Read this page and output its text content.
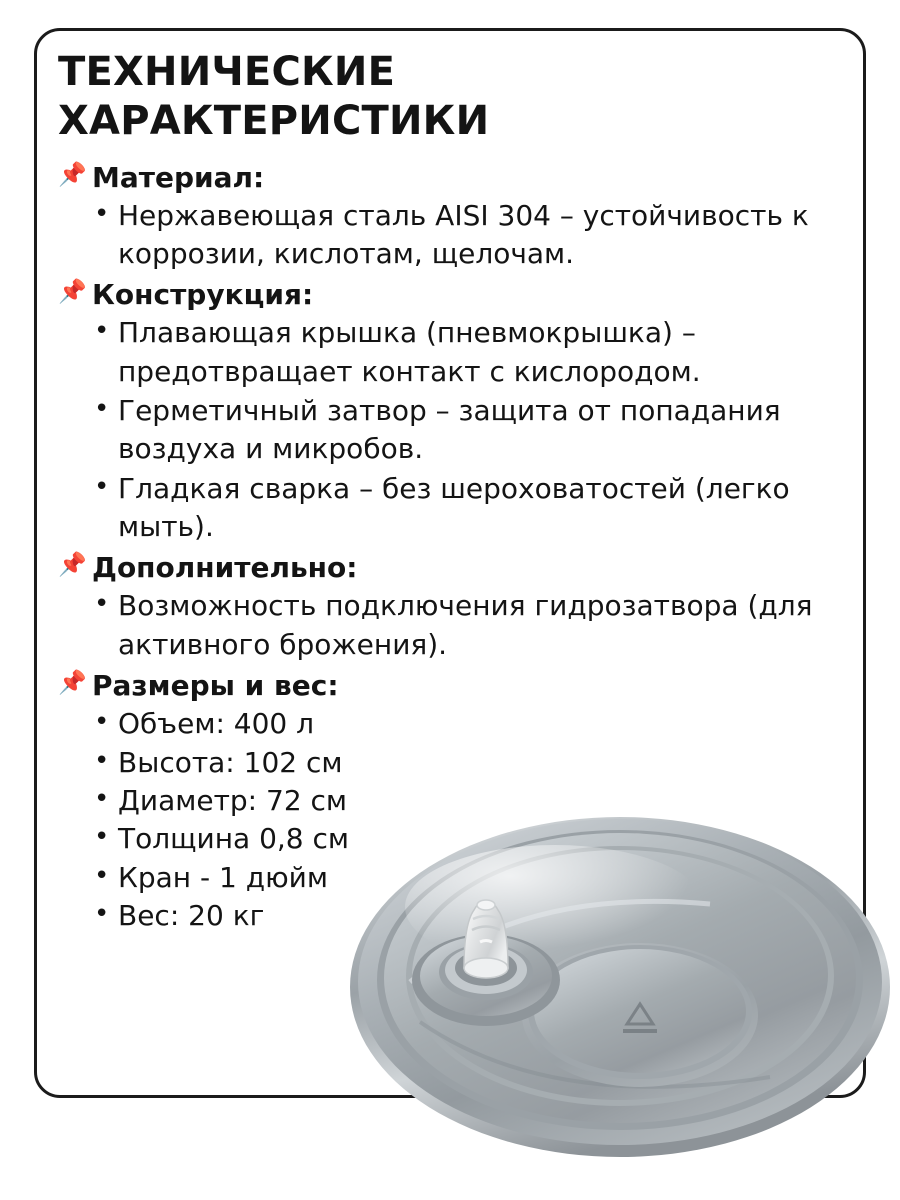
ТЕХНИЧЕСКИЕ ХАРАКТЕРИСТИКИ
📌 Материал:
• Нержавеющая сталь AISI 304 – устойчивость к коррозии, кислотам, щелочам.
📌 Конструкция:
• Плавающая крышка (пневмокрышка) – предотвращает контакт с кислородом.
• Герметичный затвор – защита от попадания воздуха и микробов.
• Гладкая сварка – без шероховатостей (легко мыть).
📌 Дополнительно:
• Возможность подключения гидрозатвора (для активного брожения).
📌 Размеры и вес:
• Объем: 400 л
• Высота: 102 см
• Диаметр: 72 см
• Толщина 0,8 см
• Кран - 1 дюйм
• Вес: 20 кг
